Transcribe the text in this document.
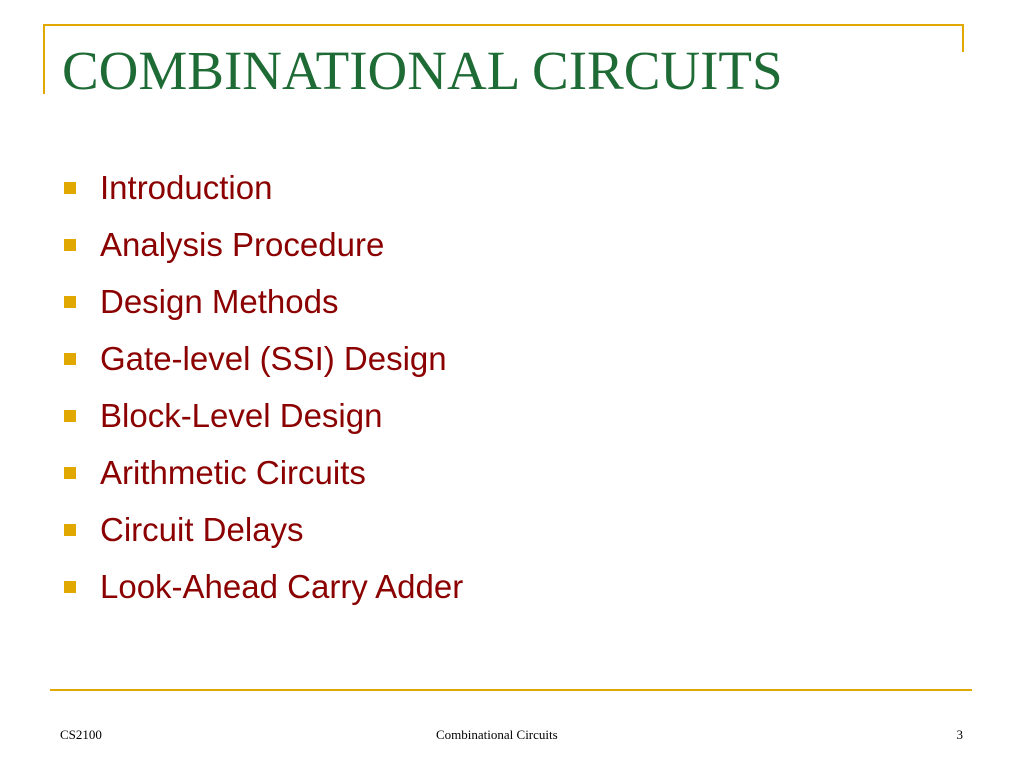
COMBINATIONAL CIRCUITS
Introduction
Analysis Procedure
Design Methods
Gate-level (SSI) Design
Block-Level Design
Arithmetic Circuits
Circuit Delays
Look-Ahead Carry Adder
CS2100	Combinational Circuits	3
